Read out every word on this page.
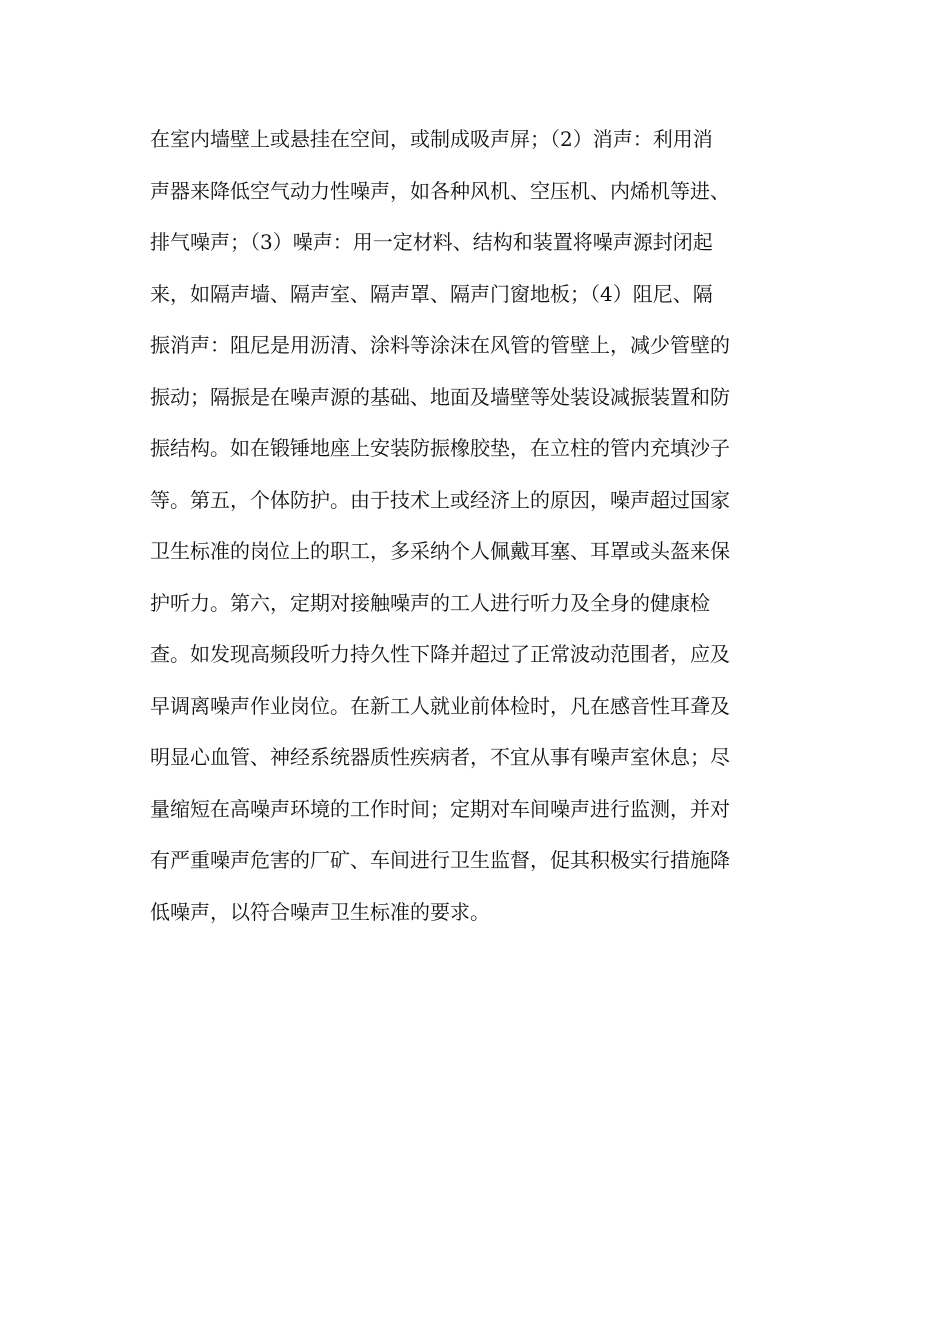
在室内墙壁上或悬挂在空间，或制成吸声屏；（2）消声：利用消
声器来降低空气动力性噪声，如各种风机、空压机、内烯机等进、
排气噪声；（3）噪声：用一定材料、结构和装置将噪声源封闭起
来，如隔声墙、隔声室、隔声罩、隔声门窗地板；（4）阻尼、隔
振消声：阻尼是用沥清、涂料等涂沫在风管的管壁上，减少管壁的
振动；隔振是在噪声源的基础、地面及墙壁等处装设减振装置和防
振结构。如在锻锤地座上安装防振橡胶垫，在立柱的管内充填沙子
等。第五，个体防护。由于技术上或经济上的原因，噪声超过国家
卫生标准的岗位上的职工，多采纳个人佩戴耳塞、耳罩或头盔来保
护听力。第六，定期对接触噪声的工人进行听力及全身的健康检
查。如发现高频段听力持久性下降并超过了正常波动范围者，应及
早调离噪声作业岗位。在新工人就业前体检时，凡在感音性耳聋及
明显心血管、神经系统器质性疾病者，不宜从事有噪声室休息；尽
量缩短在高噪声环境的工作时间；定期对车间噪声进行监测，并对
有严重噪声危害的厂矿、车间进行卫生监督，促其积极实行措施降
低噪声，以符合噪声卫生标准的要求。
